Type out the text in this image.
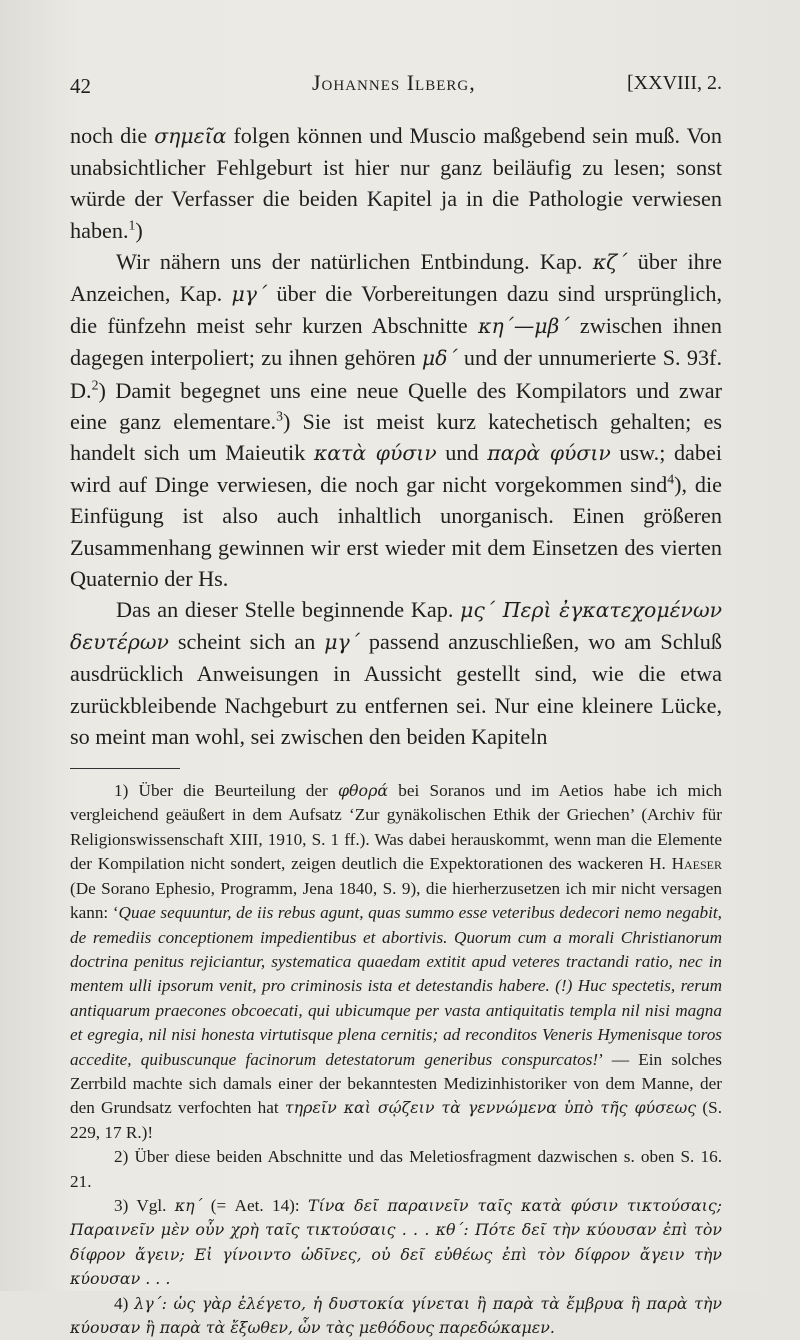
42	Johannes Ilberg,	[XXVIII, 2.

noch die σημεῖα folgen können und Muscio maßgebend sein muß. Von unabsichtlicher Fehlgeburt ist hier nur ganz beiläufig zu lesen; sonst würde der Verfasser die beiden Kapitel ja in die Pathologie verwiesen haben.$^1$)

Wir nähern uns der natürlichen Entbindung. Kap. κζ΄ über ihre Anzeichen, Kap. μγ΄ über die Vorbereitungen dazu sind ursprünglich, die fünfzehn meist sehr kurzen Abschnitte κη΄—μβ΄ zwischen ihnen dagegen interpoliert; zu ihnen gehören μδ΄ und der unnumerierte S. 93f. D.$^2$) Damit begegnet uns eine neue Quelle des Kompilators und zwar eine ganz elementare.$^3$) Sie ist meist kurz katechetisch gehalten; es handelt sich um Maieutik κατὰ φύσιν und παρὰ φύσιν usw.; dabei wird auf Dinge verwiesen, die noch gar nicht vorgekommen sind$^4$), die Einfügung ist also auch inhaltlich unorganisch. Einen größeren Zusammenhang gewinnen wir erst wieder mit dem Einsetzen des vierten Quaternio der Hs.

Das an dieser Stelle beginnende Kap. μς΄ Περὶ ἐγκατεχομένων δευτέρων scheint sich an μγ΄ passend anzuschließen, wo am Schluß ausdrücklich Anweisungen in Aussicht gestellt sind, wie die etwa zurückbleibende Nachgeburt zu entfernen sei. Nur eine kleinere Lücke, so meint man wohl, sei zwischen den beiden Kapiteln

1) Über die Beurteilung der φθορά bei Soranos und im Aetios habe ich mich vergleichend geäußert in dem Aufsatz ‘Zur gynäkolischen Ethik der Griechen’ (Archiv für Religionswissenschaft XIII, 1910, S. 1 ff.). Was dabei herauskommt, wenn man die Elemente der Kompilation nicht sondert, zeigen deutlich die Expektorationen des wackeren H. Haeser (De Sorano Ephesio, Programm, Jena 1840, S. 9), die hierherzusetzen ich mir nicht versagen kann: ‘Quae sequuntur, de iis rebus agunt, quas summo esse veteribus dedecori nemo negabit, de remediis conceptionem impedientibus et abortivis. Quorum cum a morali Christianorum doctrina penitus rejiciantur, systematica quaedam extitit apud veteres tractandi ratio, nec in mentem ulli ipsorum venit, pro criminosis ista et detestandis habere. (!) Huc spectetis, rerum antiquarum praecones obcoecati, qui ubicumque per vasta antiquitatis templa nil nisi magna et egregia, nil nisi honesta virtutisque plena cernitis; ad reconditos Veneris Hymenisque toros accedite, quibuscunque facinorum detestatorum generibus conspurcatos!’ — Ein solches Zerrbild machte sich damals einer der bekanntesten Medizinhistoriker von dem Manne, der den Grundsatz verfochten hat τηρεῖν καὶ σῴζειν τὰ γεννώμενα ὑπὸ τῆς φύσεως (S. 229, 17 R.)!

2) Über diese beiden Abschnitte und das Meletiosfragment dazwischen s. oben S. 16. 21.

3) Vgl. κη΄ (= Aet. 14): Τίνα δεῖ παραινεῖν ταῖς κατὰ φύσιν τικτούσαις; Παραινεῖν μὲν οὖν χρὴ ταῖς τικτούσαις . . . κθ΄: Πότε δεῖ τὴν κύουσαν ἐπὶ τὸν δίφρον ἄγειν; Εἰ γίνοιντο ὠδῖνες, οὐ δεῖ εὐθέως ἐπὶ τὸν δίφρον ἄγειν τὴν κύουσαν . . .

4) λγ΄: ὡς γὰρ ἐλέγετο, ἡ δυστοκία γίνεται ἢ παρὰ τὰ ἔμβρυα ἢ παρὰ τὴν κύουσαν ἢ παρὰ τὰ ἔξωθεν, ὧν τὰς μεθόδους παρεδώκαμεν.
